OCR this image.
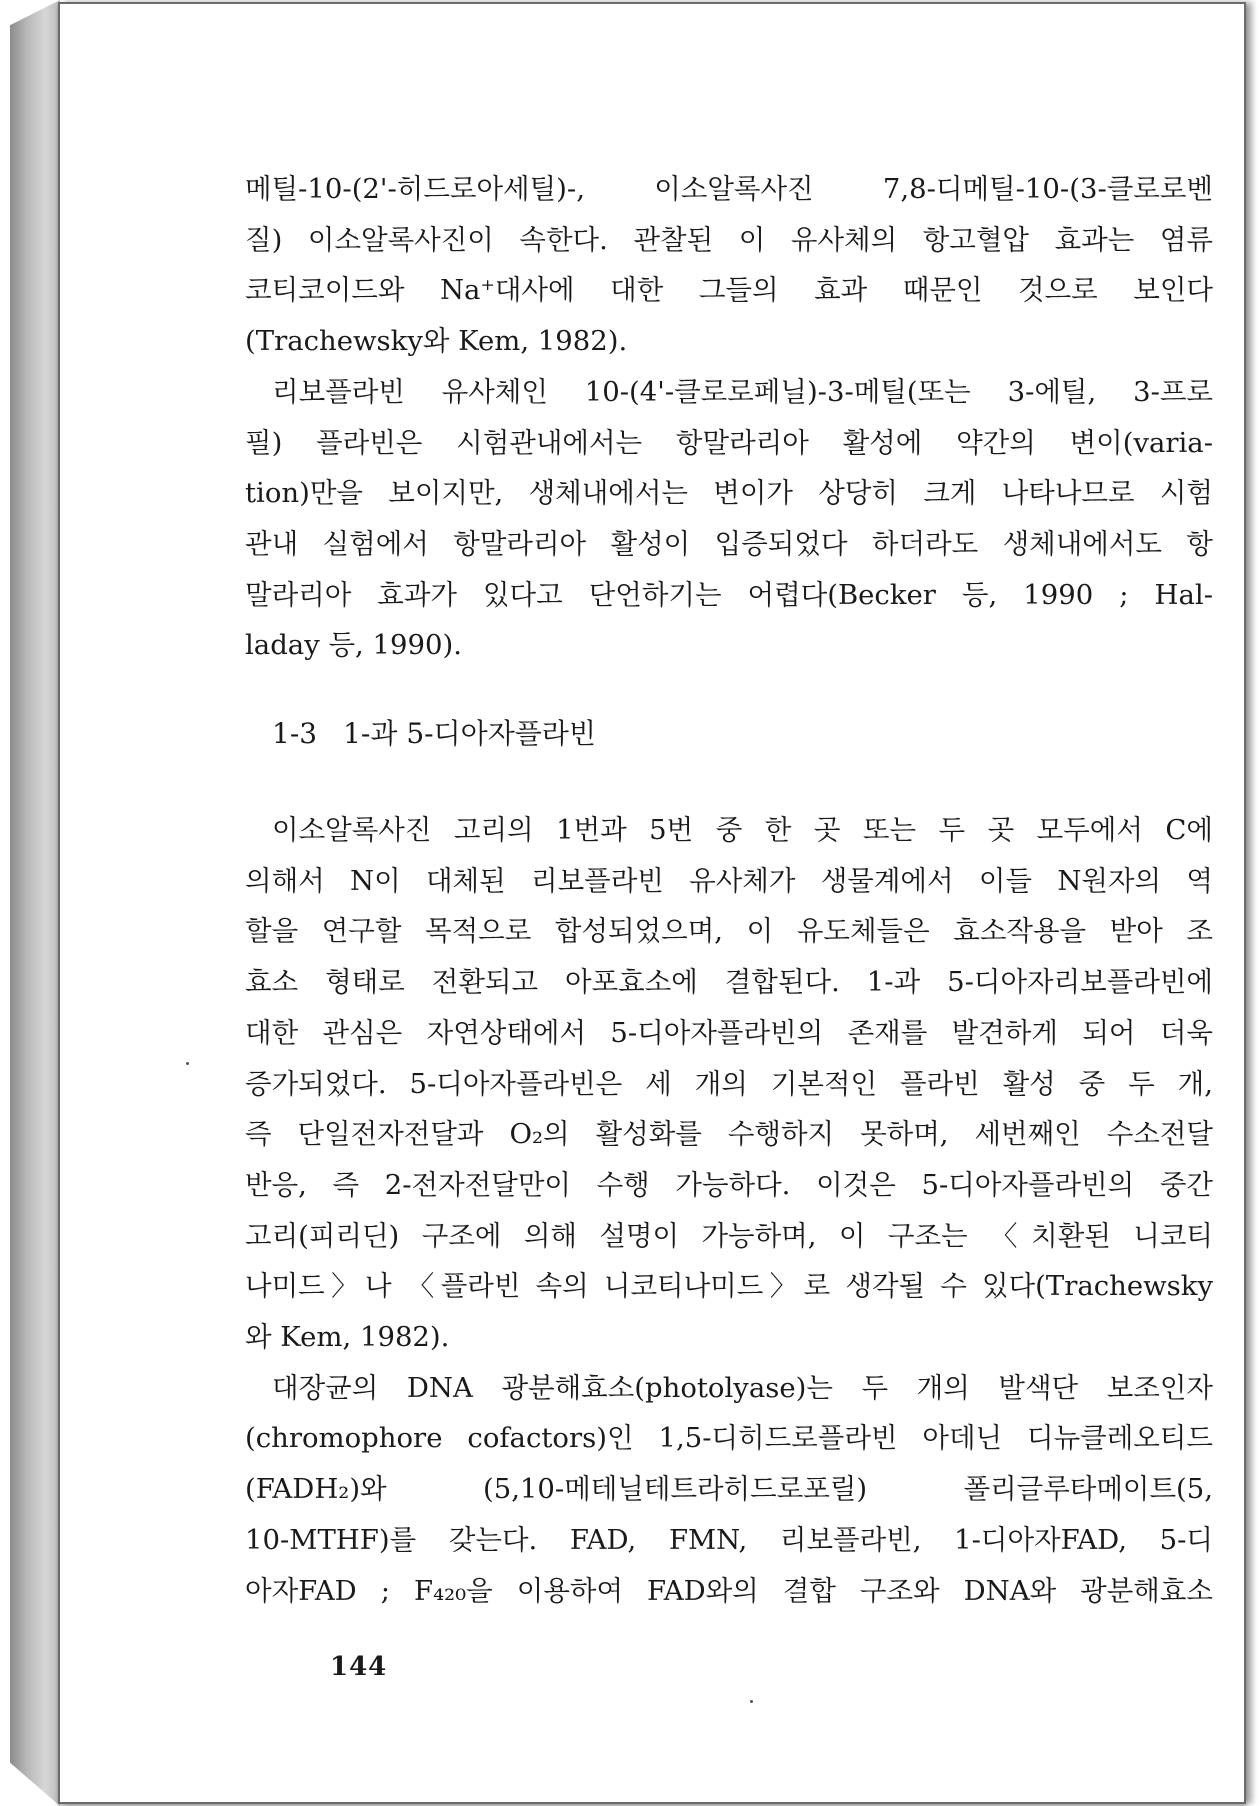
메틸-10-(2'-히드로아세틸)-, 이소알록사진 7,8-디메틸-10-(3-클로로벤
질) 이소알록사진이 속한다. 관찰된 이 유사체의 항고혈압 효과는 염류
코티코이드와 Na⁺대사에 대한 그들의 효과 때문인 것으로 보인다
(Trachewsky와 Kem, 1982).
리보플라빈 유사체인 10-(4'-클로로페닐)-3-메틸(또는 3-에틸, 3-프로
필) 플라빈은 시험관내에서는 항말라리아 활성에 약간의 변이(varia-
tion)만을 보이지만, 생체내에서는 변이가 상당히 크게 나타나므로 시험
관내 실험에서 항말라리아 활성이 입증되었다 하더라도 생체내에서도 항
말라리아 효과가 있다고 단언하기는 어렵다(Becker 등, 1990 ; Hal-
laday 등, 1990).
1-3 1-과 5-디아자플라빈
이소알록사진 고리의 1번과 5번 중 한 곳 또는 두 곳 모두에서 C에
의해서 N이 대체된 리보플라빈 유사체가 생물계에서 이들 N원자의 역
할을 연구할 목적으로 합성되었으며, 이 유도체들은 효소작용을 받아 조
효소 형태로 전환되고 아포효소에 결합된다. 1-과 5-디아자리보플라빈에
대한 관심은 자연상태에서 5-디아자플라빈의 존재를 발견하게 되어 더욱
증가되었다. 5-디아자플라빈은 세 개의 기본적인 플라빈 활성 중 두 개,
즉 단일전자전달과 O₂의 활성화를 수행하지 못하며, 세번째인 수소전달
반응, 즉 2-전자전달만이 수행 가능하다. 이것은 5-디아자플라빈의 중간
고리(피리딘) 구조에 의해 설명이 가능하며, 이 구조는 〈치환된 니코티
나미드〉나 〈플라빈 속의 니코티나미드〉로 생각될 수 있다(Trachewsky
와 Kem, 1982).
대장균의 DNA 광분해효소(photolyase)는 두 개의 발색단 보조인자
(chromophore cofactors)인 1,5-디히드로플라빈 아데닌 디뉴클레오티드
(FADH₂)와 (5,10-메테닐테트라히드로포릴) 폴리글루타메이트(5,
10-MTHF)를 갖는다. FAD, FMN, 리보플라빈, 1-디아자FAD, 5-디
아자FAD ; F₄₂₀을 이용하여 FAD와의 결합 구조와 DNA와 광분해효소
144
